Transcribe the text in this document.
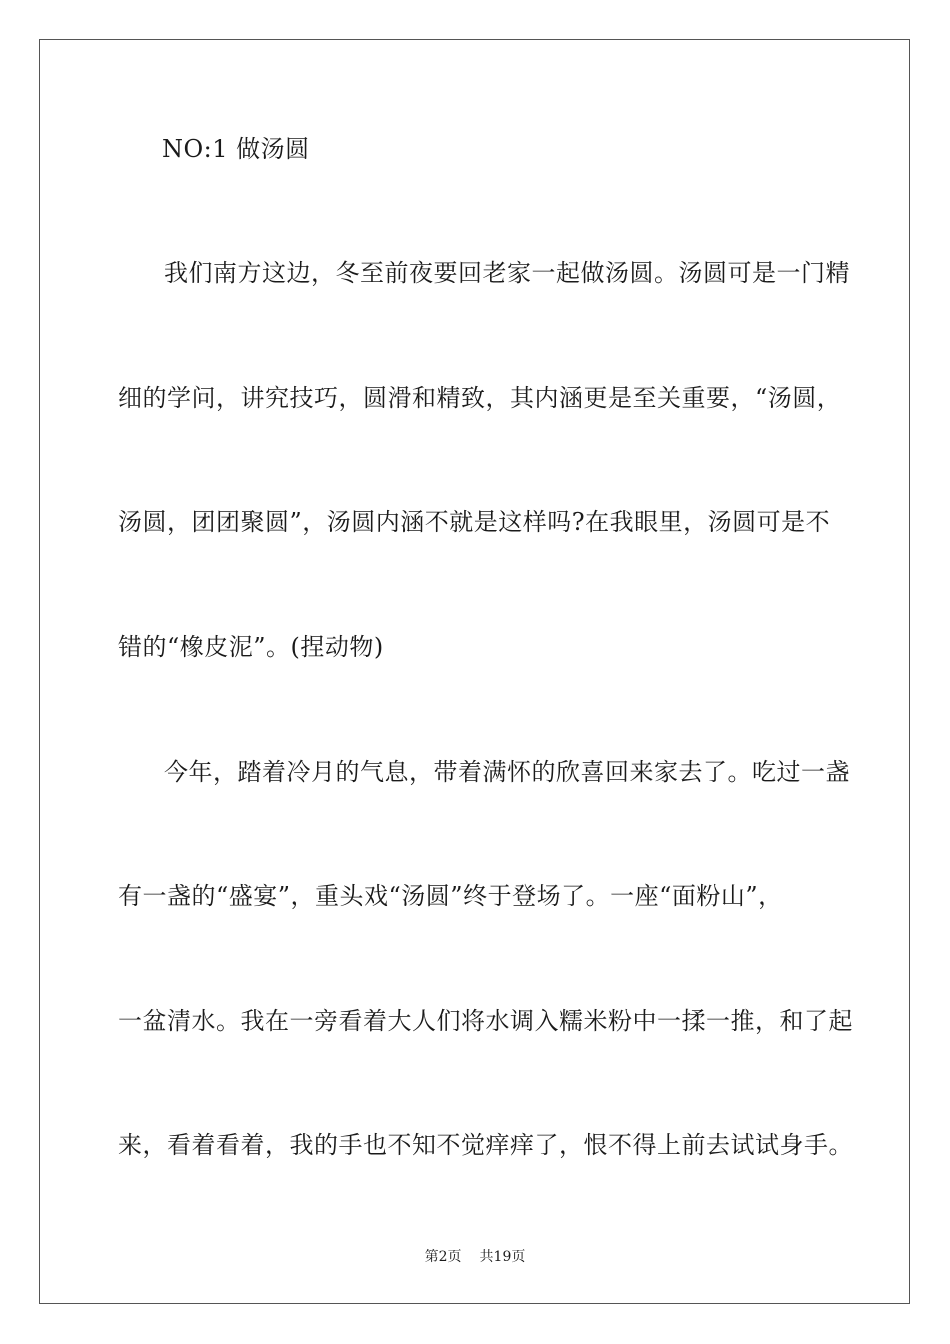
NO:1 做汤圆
我们南方这边，冬至前夜要回老家一起做汤圆。汤圆可是一门精
细的学问，讲究技巧，圆滑和精致，其内涵更是至关重要，“汤圆，
汤圆，团团聚圆”，汤圆内涵不就是这样吗?在我眼里，汤圆可是不
错的“橡皮泥”。(捏动物)
今年，踏着冷月的气息，带着满怀的欣喜回来家去了。吃过一盏
有一盏的“盛宴”，重头戏“汤圆”终于登场了。一座“面粉山”，
一盆清水。我在一旁看着大人们将水调入糯米粉中一揉一推，和了起
来，看着看着，我的手也不知不觉痒痒了，恨不得上前去试试身手。
第2页 共19页
